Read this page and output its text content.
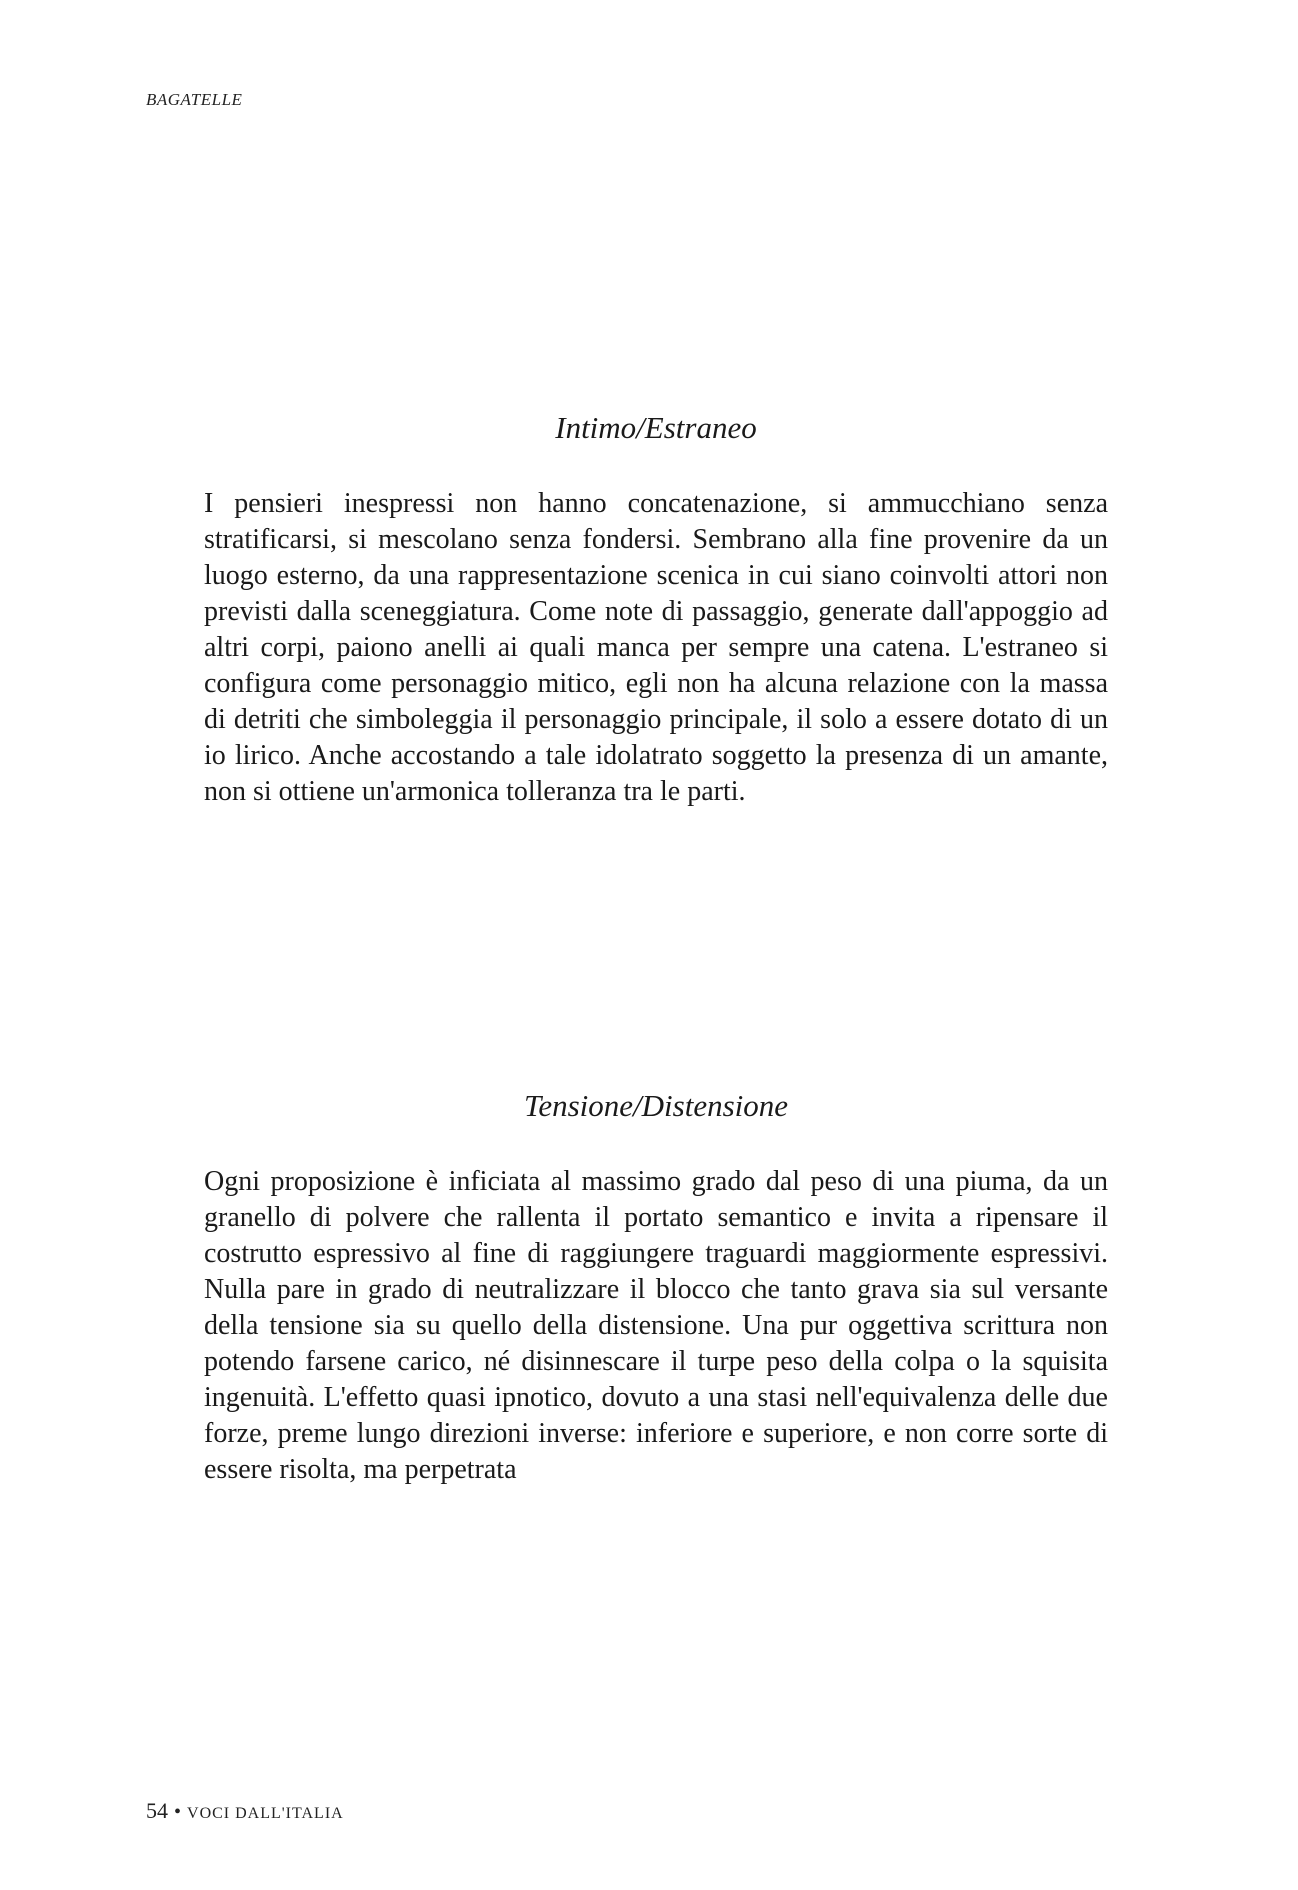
BAGATELLE
Intimo/Estraneo

I pensieri inespressi non hanno concatenazione, si ammucchiano senza stratificarsi, si mescolano senza fondersi. Sembrano alla fine provenire da un luogo esterno, da una rappresentazione scenica in cui siano coinvolti attori non previsti dalla sceneggiatura. Come note di passaggio, generate dall'appoggio ad altri corpi, paiono anelli ai quali manca per sempre una catena. L'estraneo si configura come personaggio mitico, egli non ha alcuna relazione con la massa di detriti che simboleggia il personaggio principale, il solo a essere dotato di un io lirico. Anche accostando a tale idolatrato soggetto la presenza di un amante, non si ottiene un'armonica tolleranza tra le parti.

Tensione/Distensione

Ogni proposizione è inficiata al massimo grado dal peso di una piuma, da un granello di polvere che rallenta il portato semantico e invita a ripensare il costrutto espressivo al fine di raggiungere traguardi maggiormente espressivi. Nulla pare in grado di neutralizzare il blocco che tanto grava sia sul versante della tensione sia su quello della distensione. Una pur oggettiva scrittura non potendo farsene carico, né disinnescare il turpe peso della colpa o la squisita ingenuità. L'effetto quasi ipnotico, dovuto a una stasi nell'equivalenza delle due forze, preme lungo direzioni inverse: inferiore e superiore, e non corre sorte di essere risolta, ma perpetrata

54 • VOCI DALL'ITALIA
